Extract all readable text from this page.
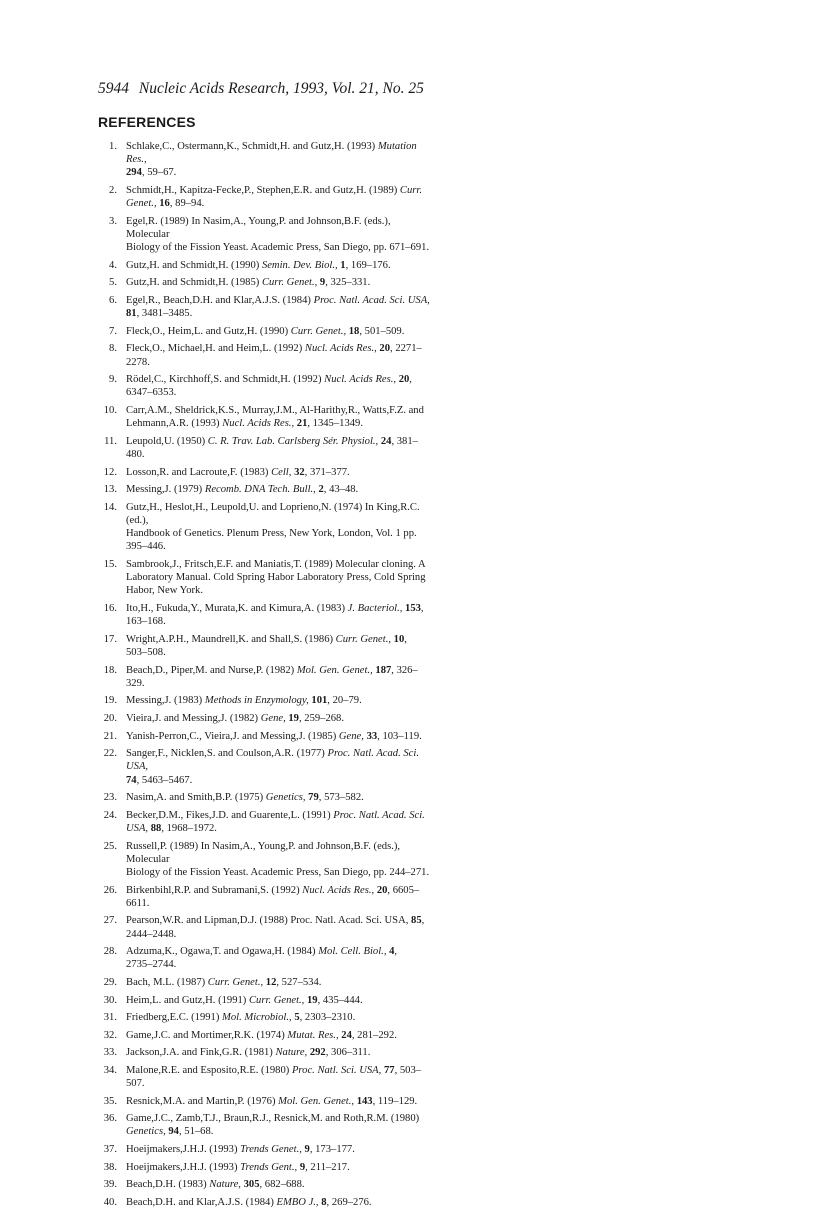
5944 Nucleic Acids Research, 1993, Vol. 21, No. 25
REFERENCES
1. Schlake,C., Ostermann,K., Schmidt,H. and Gutz,H. (1993) Mutation Res.,
294, 59–67.
2. Schmidt,H., Kapitza-Fecke,P., Stephen,E.R. and Gutz,H. (1989) Curr.
Genet., 16, 89–94.
3. Egel,R. (1989) In Nasim,A., Young,P. and Johnson,B.F. (eds.), Molecular
Biology of the Fission Yeast. Academic Press, San Diego, pp. 671–691.
4. Gutz,H. and Schmidt,H. (1990) Semin. Dev. Biol., 1, 169–176.
5. Gutz,H. and Schmidt,H. (1985) Curr. Genet., 9, 325–331.
6. Egel,R., Beach,D.H. and Klar,A.J.S. (1984) Proc. Natl. Acad. Sci. USA,
81, 3481–3485.
7. Fleck,O., Heim,L. and Gutz,H. (1990) Curr. Genet., 18, 501–509.
8. Fleck,O., Michael,H. and Heim,L. (1992) Nucl. Acids Res., 20, 2271–2278.
9. Rödel,C., Kirchhoff,S. and Schmidt,H. (1992) Nucl. Acids Res., 20,
6347–6353.
10. Carr,A.M., Sheldrick,K.S., Murray,J.M., Al-Harithy,R., Watts,F.Z. and
Lehmann,A.R. (1993) Nucl. Acids Res., 21, 1345–1349.
11. Leupold,U. (1950) C. R. Trav. Lab. Carlsberg Sér. Physiol., 24, 381–480.
12. Losson,R. and Lacroute,F. (1983) Cell, 32, 371–377.
13. Messing,J. (1979) Recomb. DNA Tech. Bull., 2, 43–48.
14. Gutz,H., Heslot,H., Leupold,U. and Loprieno,N. (1974) In King,R.C. (ed.),
Handbook of Genetics. Plenum Press, New York, London, Vol. 1 pp.
395–446.
15. Sambrook,J., Fritsch,E.F. and Maniatis,T. (1989) Molecular cloning. A
Laboratory Manual. Cold Spring Habor Laboratory Press, Cold Spring
Habor, New York.
16. Ito,H., Fukuda,Y., Murata,K. and Kimura,A. (1983) J. Bacteriol., 153,
163–168.
17. Wright,A.P.H., Maundrell,K. and Shall,S. (1986) Curr. Genet., 10,
503–508.
18. Beach,D., Piper,M. and Nurse,P. (1982) Mol. Gen. Genet., 187, 326–329.
19. Messing,J. (1983) Methods in Enzymology, 101, 20–79.
20. Vieira,J. and Messing,J. (1982) Gene, 19, 259–268.
21. Yanish-Perron,C., Vieira,J. and Messing,J. (1985) Gene, 33, 103–119.
22. Sanger,F., Nicklen,S. and Coulson,A.R. (1977) Proc. Natl. Acad. Sci. USA,
74, 5463–5467.
23. Nasim,A. and Smith,B.P. (1975) Genetics, 79, 573–582.
24. Becker,D.M., Fikes,J.D. and Guarente,L. (1991) Proc. Natl. Acad. Sci.
USA, 88, 1968–1972.
25. Russell,P. (1989) In Nasim,A., Young,P. and Johnson,B.F. (eds.), Molecular
Biology of the Fission Yeast. Academic Press, San Diego, pp. 244–271.
26. Birkenbihl,R.P. and Subramani,S. (1992) Nucl. Acids Res., 20, 6605–6611.
27. Pearson,W.R. and Lipman,D.J. (1988) Proc. Natl. Acad. Sci. USA, 85,
2444–2448.
28. Adzuma,K., Ogawa,T. and Ogawa,H. (1984) Mol. Cell. Biol., 4,
2735–2744.
29. Bach, M.L. (1987) Curr. Genet., 12, 527–534.
30. Heim,L. and Gutz,H. (1991) Curr. Genet., 19, 435–444.
31. Friedberg,E.C. (1991) Mol. Microbiol., 5, 2303–2310.
32. Game,J.C. and Mortimer,R.K. (1974) Mutat. Res., 24, 281–292.
33. Jackson,J.A. and Fink,G.R. (1981) Nature, 292, 306–311.
34. Malone,R.E. and Esposito,R.E. (1980) Proc. Natl. Sci. USA, 77, 503–507.
35. Resnick,M.A. and Martin,P. (1976) Mol. Gen. Genet., 143, 119–129.
36. Game,J.C., Zamb,T.J., Braun,R.J., Resnick,M. and Roth,R.M. (1980)
Genetics, 94, 51–68.
37. Hoeijmakers,J.H.J. (1993) Trends Genet., 9, 173–177.
38. Hoeijmakers,J.H.J. (1993) Trends Gent., 9, 211–217.
39. Beach,D.H. (1983) Nature, 305, 682–688.
40. Beach,D.H. and Klar,A.J.S. (1984) EMBO J., 8, 269–276.
